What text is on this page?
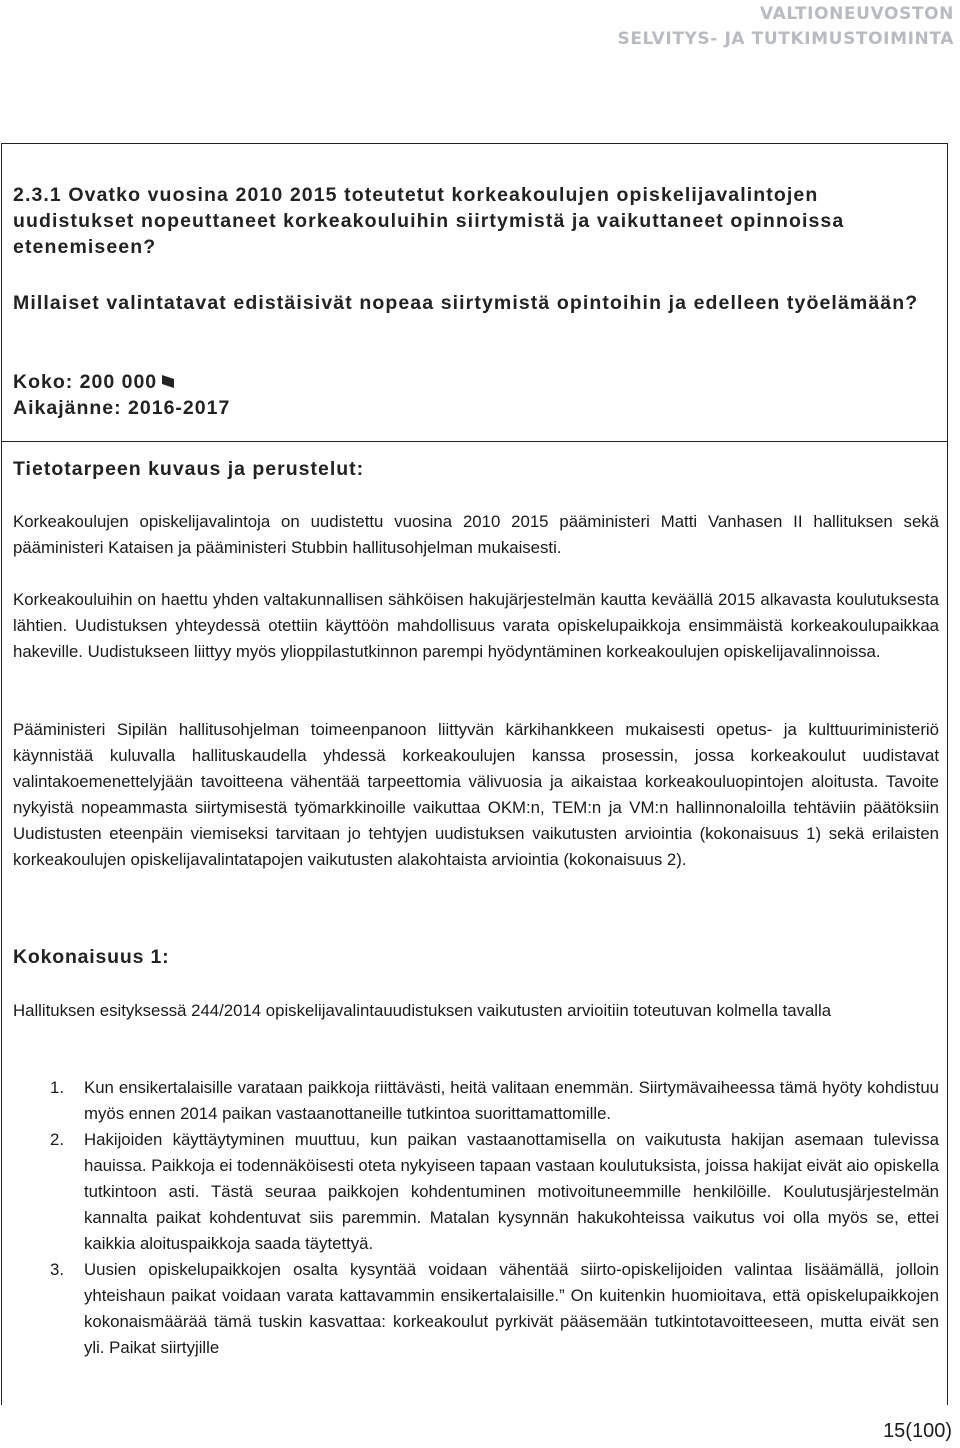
VALTIONEUVOSTON
SELVITYS- JA TUTKIMUSTOIMINTA

2.3.1 Ovatko vuosina 2010 2015 toteutetut korkeakoulujen opiskelijavalintojen uudistukset nopeuttaneet korkeakouluihin siirtymistä ja vaikuttaneet opinnoissa etenemiseen?

Millaiset valintatavat edistäisivät nopeaa siirtymistä opintoihin ja edelleen työelämään?

Koko: 200 000

Aikajänne: 2016-2017

Tietotarpeen kuvaus ja perustelut:

Korkeakoulujen opiskelijavalintoja on uudistettu vuosina 2010 2015 pääministeri Matti Vanhasen II hallituksen sekä pääministeri Kataisen ja pääministeri Stubbin hallitusohjelman mukaisesti.

Korkeakouluihin on haettu yhden valtakunnallisen sähköisen hakujärjestelmän kautta keväällä 2015 alkavasta koulutuksesta lähtien. Uudistuksen yhteydessä otettiin käyttöön mahdollisuus varata opiskelupaikkoja ensimmäistä korkeakoulupaikkaa hakeville. Uudistukseen liittyy myös ylioppilastutkinnon parempi hyödyntäminen korkeakoulujen opiskelijavalinnoissa.

Pääministeri Sipilän hallitusohjelman toimeenpanoon liittyvän kärkihankkeen mukaisesti opetus- ja kulttuuriministeriö käynnistää kuluvalla hallituskaudella yhdessä korkeakoulujen kanssa prosessin, jossa korkeakoulut uudistavat valintakoemenettelyjään tavoitteena vähentää tarpeettomia välivuosia ja aikaistaa korkeakouluopintojen aloitusta. Tavoite nykyistä nopeammasta siirtymisestä työmarkkinoille vaikuttaa OKM:n, TEM:n ja VM:n hallinnonaloilla tehtäviin päätöksiin Uudistusten eteenpäin viemiseksi tarvitaan jo tehtyjen uudistuksen vaikutusten arviointia (kokonaisuus 1) sekä erilaisten korkeakoulujen opiskelijavalintatapojen vaikutusten alakohtaista arviointia (kokonaisuus 2).

Kokonaisuus 1:

Hallituksen esityksessä 244/2014 opiskelijavalintauudistuksen vaikutusten arvioitiin toteutuvan kolmella tavalla

1. Kun ensikertalaisille varataan paikkoja riittävästi, heitä valitaan enemmän. Siirtymävaiheessa tämä hyöty kohdistuu myös ennen 2014 paikan vastaanottaneille tutkintoa suorittamattomille.
2. Hakijoiden käyttäytyminen muuttuu, kun paikan vastaanottamisella on vaikutusta hakijan asemaan tulevissa hauissa. Paikkoja ei todennäköisesti oteta nykyiseen tapaan vastaan koulutuksista, joissa hakijat eivät aio opiskella tutkintoon asti. Tästä seuraa paikkojen kohdentuminen motivoituneemmille henkilöille. Koulutusjärjestelmän kannalta paikat kohdentuvat siis paremmin. Matalan kysynnän hakukohteissa vaikutus voi olla myös se, ettei kaikkia aloituspaikkoja saada täytettyä.
3. Uusien opiskelupaikkojen osalta kysyntää voidaan vähentää siirto-opiskelijoiden valintaa lisäämällä, jolloin yhteishaun paikat voidaan varata kattavammin ensikertalaisille.” On kuitenkin huomioitava, että opiskelupaikkojen kokonaismäärää tämä tuskin kasvattaa: korkeakoulut pyrkivät pääsemään tutkintotavoitteeseen, mutta eivät sen yli. Paikat siirtyjille
15(100)
